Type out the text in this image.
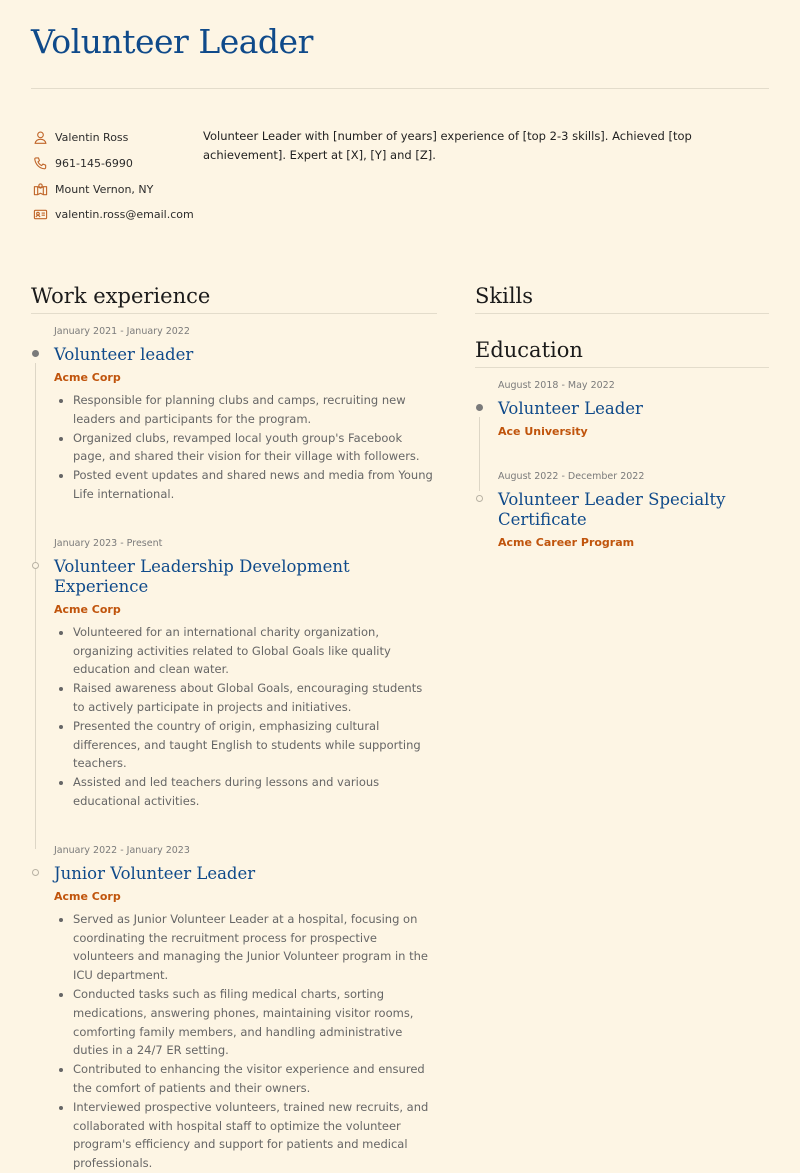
Volunteer Leader
Valentin Ross
961-145-6990
Mount Vernon, NY
valentin.ross@email.com

Volunteer Leader with [number of years] experience of [top 2-3 skills]. Achieved [top achievement]. Expert at [X], [Y] and [Z].

Work experience
January 2021 - January 2022
Volunteer leader
Acme Corp
• Responsible for planning clubs and camps, recruiting new leaders and participants for the program.
• Organized clubs, revamped local youth group's Facebook page, and shared their vision for their village with followers.
• Posted event updates and shared news and media from Young Life international.
January 2023 - Present
Volunteer Leadership Development Experience
Acme Corp
• Volunteered for an international charity organization, organizing activities related to Global Goals like quality education and clean water.
• Raised awareness about Global Goals, encouraging students to actively participate in projects and initiatives.
• Presented the country of origin, emphasizing cultural differences, and taught English to students while supporting teachers.
• Assisted and led teachers during lessons and various educational activities.
January 2022 - January 2023
Junior Volunteer Leader
Acme Corp
• Served as Junior Volunteer Leader at a hospital, focusing on coordinating the recruitment process for prospective volunteers and managing the Junior Volunteer program in the ICU department.
• Conducted tasks such as filing medical charts, sorting medications, answering phones, maintaining visitor rooms, comforting family members, and handling administrative duties in a 24/7 ER setting.
• Contributed to enhancing the visitor experience and ensured the comfort of patients and their owners.
• Interviewed prospective volunteers, trained new recruits, and collaborated with hospital staff to optimize the volunteer program's efficiency and support for patients and medical professionals.
Skills
Education
August 2018 - May 2022
Volunteer Leader
Ace University
August 2022 - December 2022
Volunteer Leader Specialty Certificate
Acme Career Program
